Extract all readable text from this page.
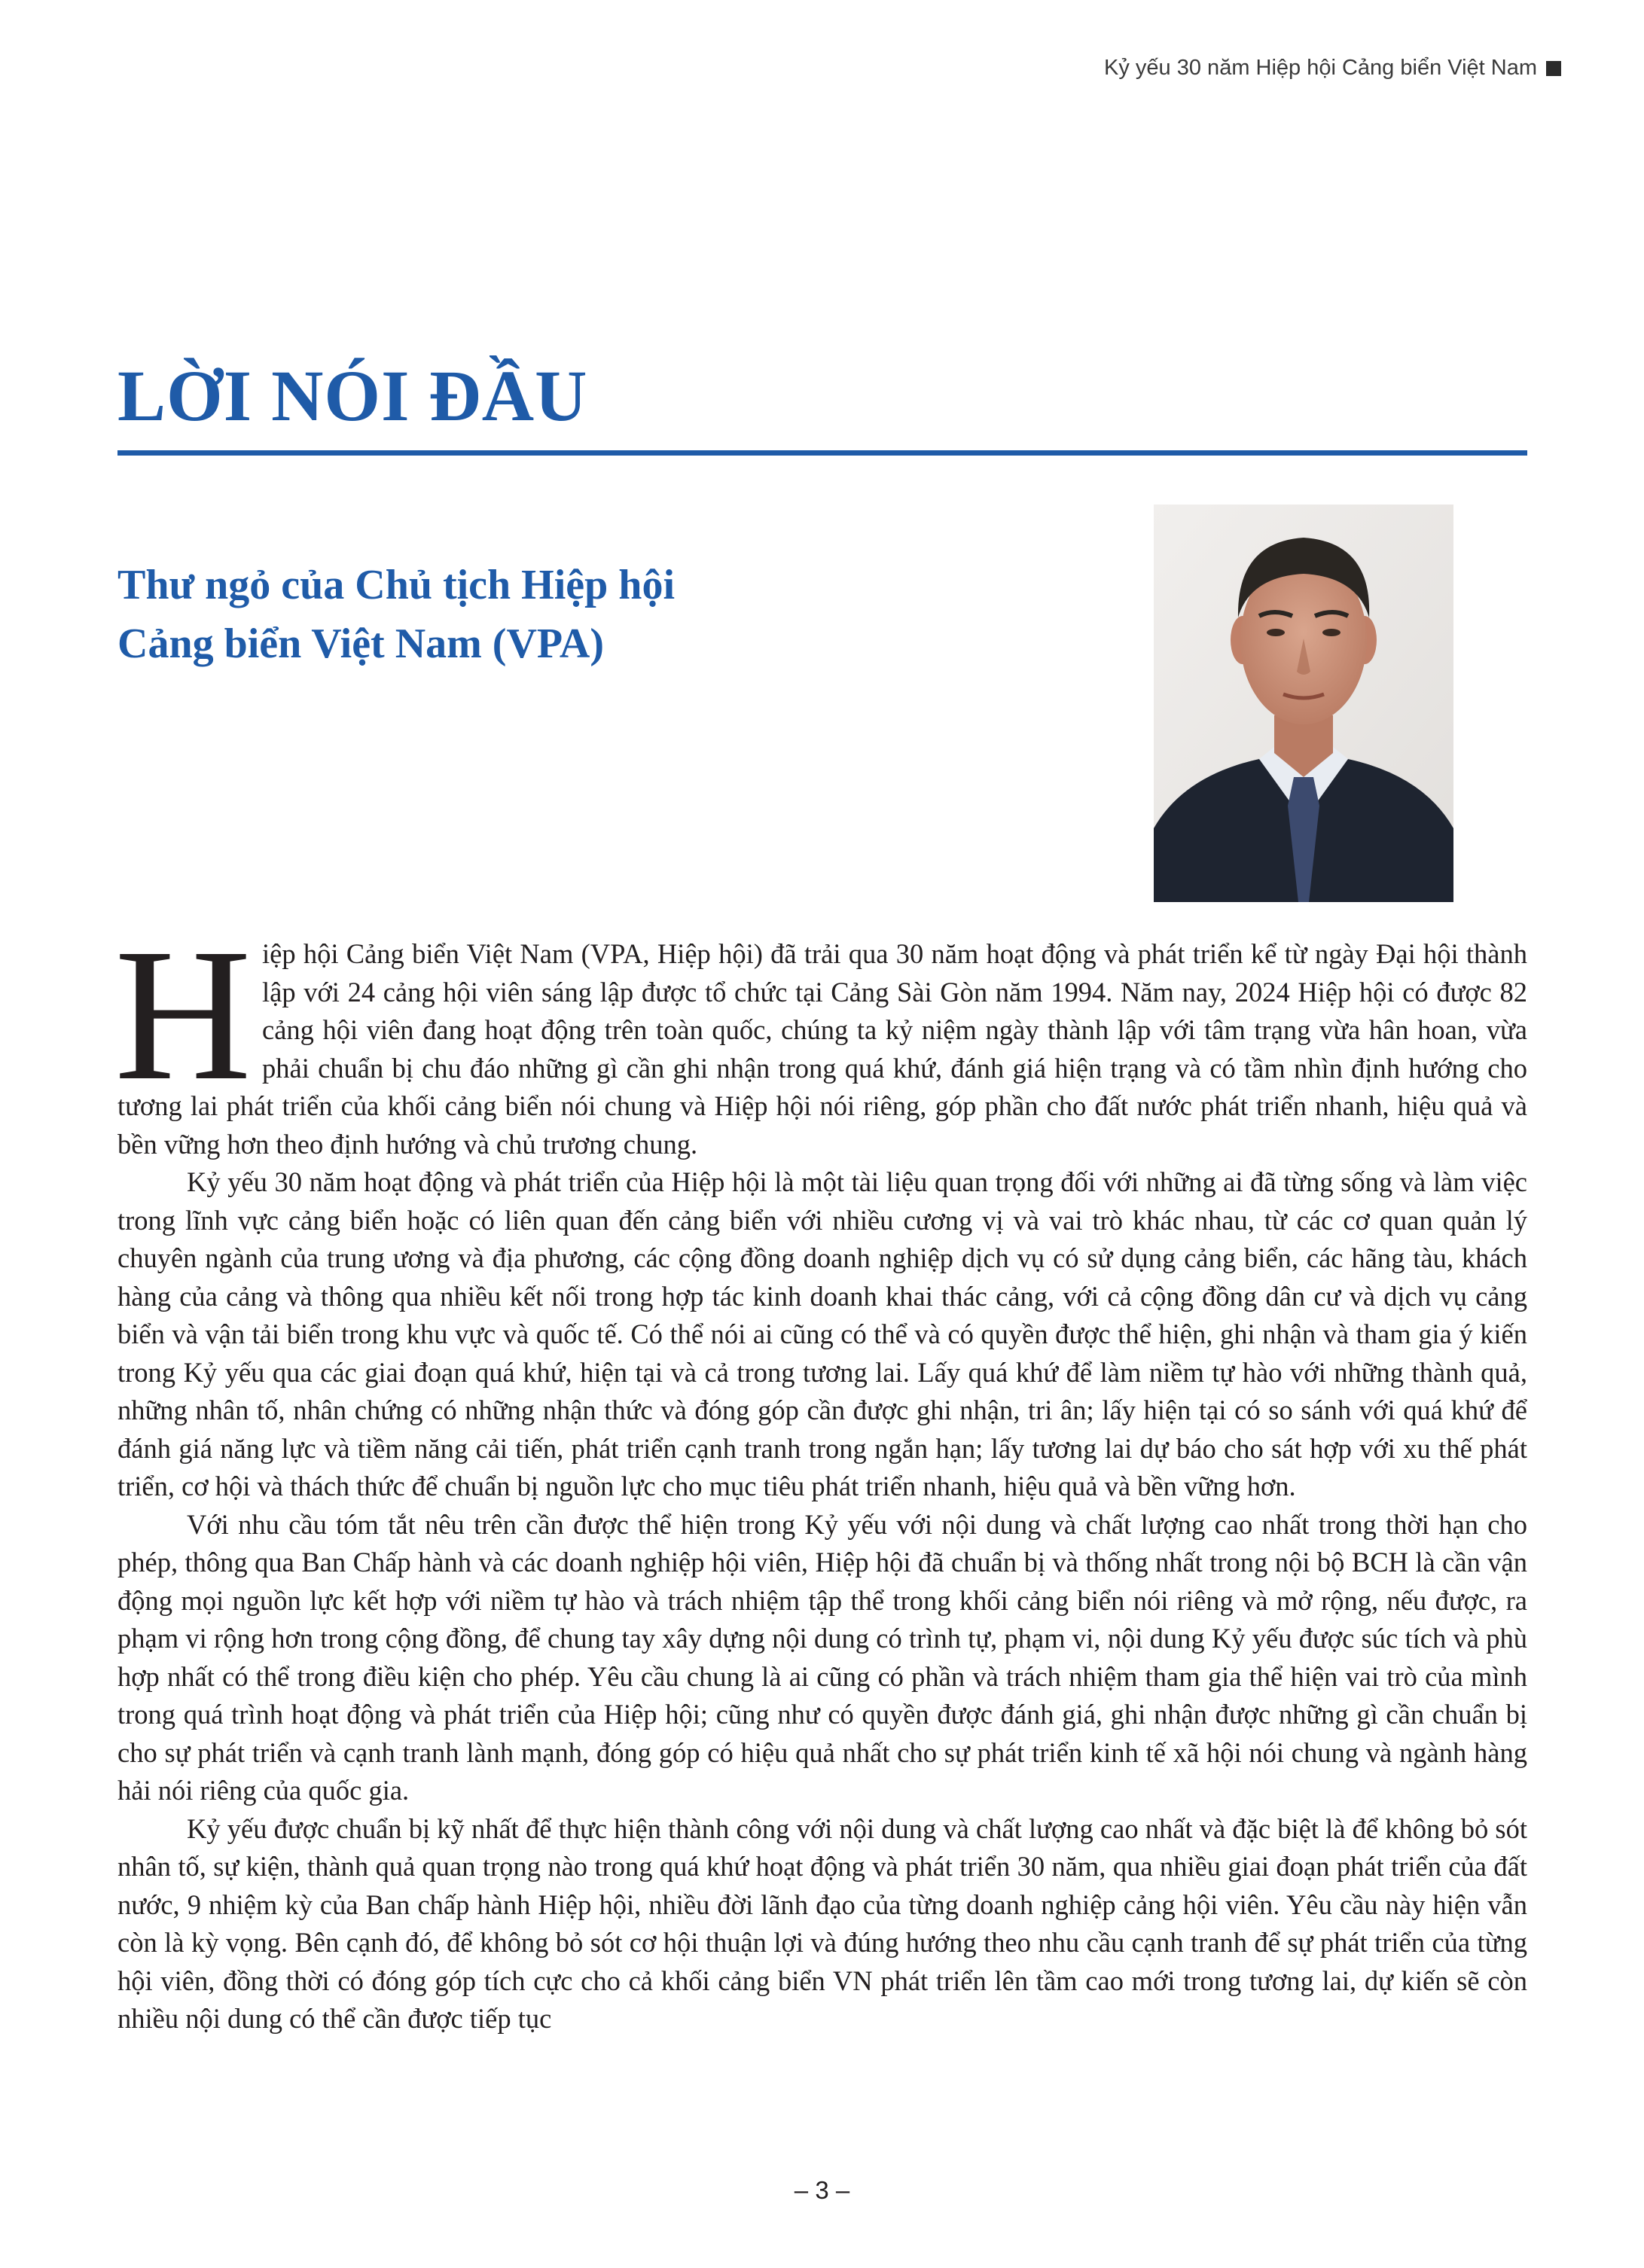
Kỷ yếu 30 năm Hiệp hội Cảng biển Việt Nam
LỜI NÓI ĐẦU
Thư ngỏ của Chủ tịch Hiệp hội
Cảng biển Việt Nam (VPA)

Hiệp hội Cảng biển Việt Nam (VPA, Hiệp hội) đã trải qua 30 năm hoạt động và phát triển kể từ ngày Đại hội thành lập với 24 cảng hội viên sáng lập được tổ chức tại Cảng Sài Gòn năm 1994. Năm nay, 2024 Hiệp hội có được 82 cảng hội viên đang hoạt động trên toàn quốc, chúng ta kỷ niệm ngày thành lập với tâm trạng vừa hân hoan, vừa phải chuẩn bị chu đáo những gì cần ghi nhận trong quá khứ, đánh giá hiện trạng và có tầm nhìn định hướng cho tương lai phát triển của khối cảng biển nói chung và Hiệp hội nói riêng, góp phần cho đất nước phát triển nhanh, hiệu quả và bền vững hơn theo định hướng và chủ trương chung.

Kỷ yếu 30 năm hoạt động và phát triển của Hiệp hội là một tài liệu quan trọng đối với những ai đã từng sống và làm việc trong lĩnh vực cảng biển hoặc có liên quan đến cảng biển với nhiều cương vị và vai trò khác nhau, từ các cơ quan quản lý chuyên ngành của trung ương và địa phương, các cộng đồng doanh nghiệp dịch vụ có sử dụng cảng biển, các hãng tàu, khách hàng của cảng và thông qua nhiều kết nối trong hợp tác kinh doanh khai thác cảng, với cả cộng đồng dân cư và dịch vụ cảng biển và vận tải biển trong khu vực và quốc tế. Có thể nói ai cũng có thể và có quyền được thể hiện, ghi nhận và tham gia ý kiến trong Kỷ yếu qua các giai đoạn quá khứ, hiện tại và cả trong tương lai. Lấy quá khứ để làm niềm tự hào với những thành quả, những nhân tố, nhân chứng có những nhận thức và đóng góp cần được ghi nhận, tri ân; lấy hiện tại có so sánh với quá khứ để đánh giá năng lực và tiềm năng cải tiến, phát triển cạnh tranh trong ngắn hạn; lấy tương lai dự báo cho sát hợp với xu thế phát triển, cơ hội và thách thức để chuẩn bị nguồn lực cho mục tiêu phát triển nhanh, hiệu quả và bền vững hơn.

Với nhu cầu tóm tắt nêu trên cần được thể hiện trong Kỷ yếu với nội dung và chất lượng cao nhất trong thời hạn cho phép, thông qua Ban Chấp hành và các doanh nghiệp hội viên, Hiệp hội đã chuẩn bị và thống nhất trong nội bộ BCH là cần vận động mọi nguồn lực kết hợp với niềm tự hào và trách nhiệm tập thể trong khối cảng biển nói riêng và mở rộng, nếu được, ra phạm vi rộng hơn trong cộng đồng, để chung tay xây dựng nội dung có trình tự, phạm vi, nội dung Kỷ yếu được súc tích và phù hợp nhất có thể trong điều kiện cho phép. Yêu cầu chung là ai cũng có phần và trách nhiệm tham gia thể hiện vai trò của mình trong quá trình hoạt động và phát triển của Hiệp hội; cũng như có quyền được đánh giá, ghi nhận được những gì cần chuẩn bị cho sự phát triển và cạnh tranh lành mạnh, đóng góp có hiệu quả nhất cho sự phát triển kinh tế xã hội nói chung và ngành hàng hải nói riêng của quốc gia.

Kỷ yếu được chuẩn bị kỹ nhất để thực hiện thành công với nội dung và chất lượng cao nhất và đặc biệt là để không bỏ sót nhân tố, sự kiện, thành quả quan trọng nào trong quá khứ hoạt động và phát triển 30 năm, qua nhiều giai đoạn phát triển của đất nước, 9 nhiệm kỳ của Ban chấp hành Hiệp hội, nhiều đời lãnh đạo của từng doanh nghiệp cảng hội viên. Yêu cầu này hiện vẫn còn là kỳ vọng. Bên cạnh đó, để không bỏ sót cơ hội thuận lợi và đúng hướng theo nhu cầu cạnh tranh để sự phát triển của từng hội viên, đồng thời có đóng góp tích cực cho cả khối cảng biển VN phát triển lên tầm cao mới trong tương lai, dự kiến sẽ còn nhiều nội dung có thể cần được tiếp tục

– 3 –
